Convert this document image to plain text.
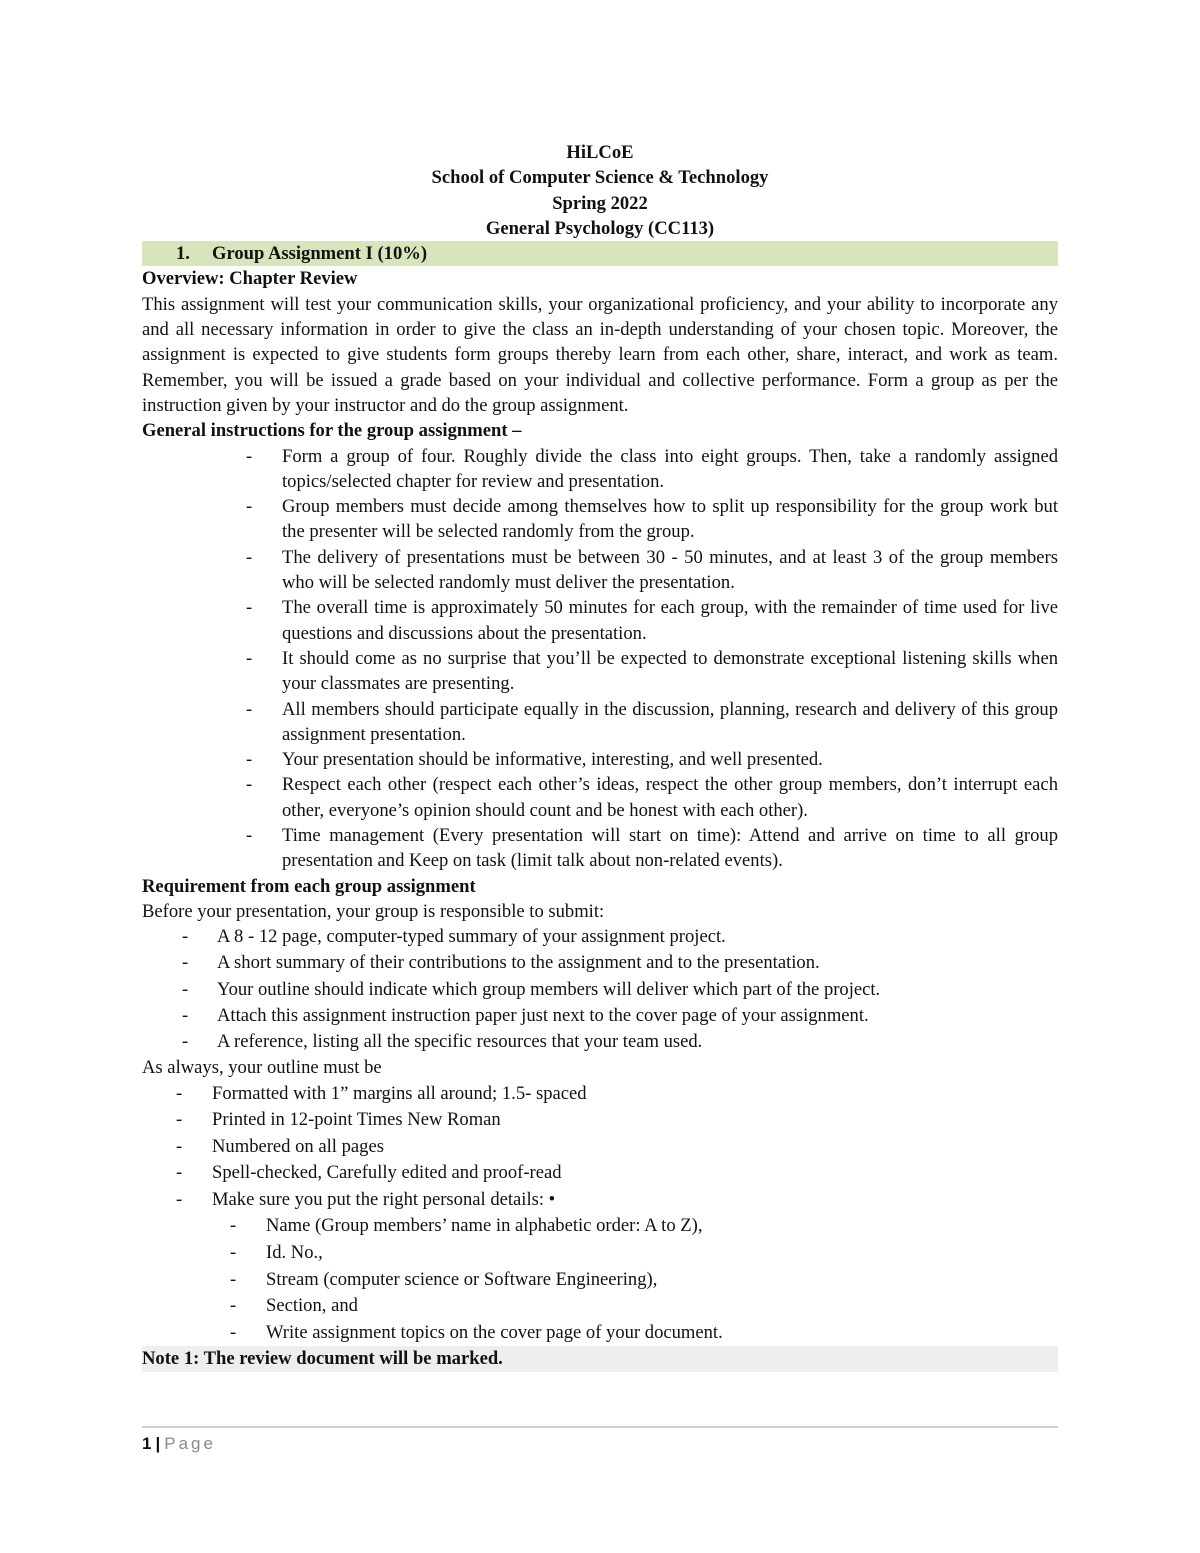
HiLCoE
School of Computer Science & Technology
Spring 2022
General Psychology (CC113)
1. Group Assignment I (10%)

Overview: Chapter Review

This assignment will test your communication skills, your organizational proficiency, and your ability to incorporate any and all necessary information in order to give the class an in-depth understanding of your chosen topic. Moreover, the assignment is expected to give students form groups thereby learn from each other, share, interact, and work as team. Remember, you will be issued a grade based on your individual and collective performance. Form a group as per the instruction given by your instructor and do the group assignment.

General instructions for the group assignment –

- Form a group of four. Roughly divide the class into eight groups. Then, take a randomly assigned topics/selected chapter for review and presentation.
- Group members must decide among themselves how to split up responsibility for the group work but the presenter will be selected randomly from the group.
- The delivery of presentations must be between 30 - 50 minutes, and at least 3 of the group members who will be selected randomly must deliver the presentation.
- The overall time is approximately 50 minutes for each group, with the remainder of time used for live questions and discussions about the presentation.
- It should come as no surprise that you’ll be expected to demonstrate exceptional listening skills when your classmates are presenting.
- All members should participate equally in the discussion, planning, research and delivery of this group assignment presentation.
- Your presentation should be informative, interesting, and well presented.
- Respect each other (respect each other’s ideas, respect the other group members, don’t interrupt each other, everyone’s opinion should count and be honest with each other).
- Time management (Every presentation will start on time): Attend and arrive on time to all group presentation and Keep on task (limit talk about non-related events).

Requirement from each group assignment

Before your presentation, your group is responsible to submit:

- A 8 - 12 page, computer-typed summary of your assignment project.
- A short summary of their contributions to the assignment and to the presentation.
- Your outline should indicate which group members will deliver which part of the project.
- Attach this assignment instruction paper just next to the cover page of your assignment.
- A reference, listing all the specific resources that your team used.

As always, your outline must be

- Formatted with 1” margins all around; 1.5- spaced
- Printed in 12-point Times New Roman
- Numbered on all pages
- Spell-checked, Carefully edited and proof-read
- Make sure you put the right personal details: •
- Name (Group members’ name in alphabetic order: A to Z),
- Id. No.,
- Stream (computer science or Software Engineering),
- Section, and
- Write assignment topics on the cover page of your document.
Note 1: The review document will be marked.
1 | Page
